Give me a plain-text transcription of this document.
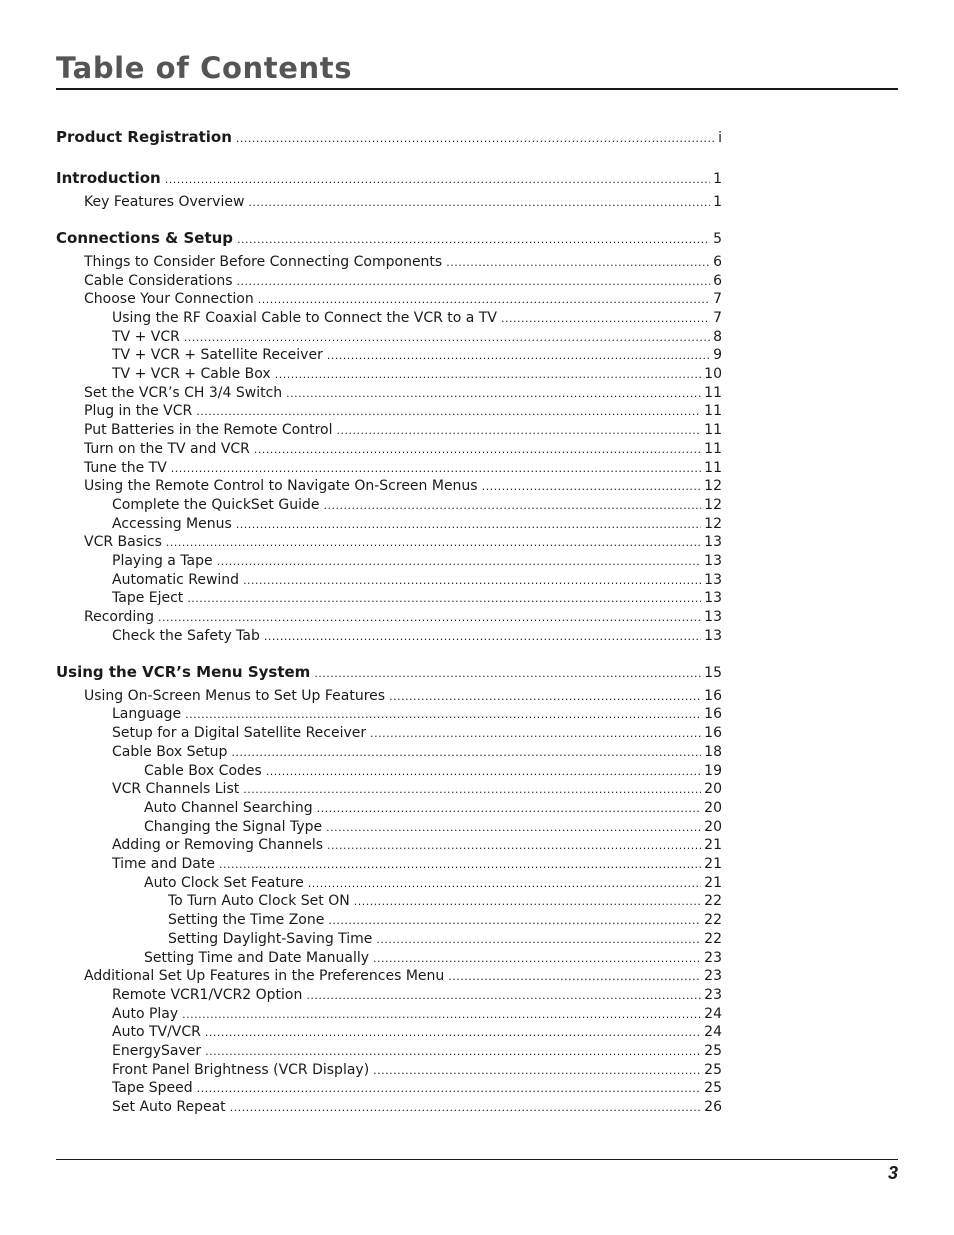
Table of Contents
Product Registration .....	i
Introduction .....	1
Key Features Overview .....	1
Connections & Setup .....	5
Things to Consider Before Connecting Components .....	6
Cable Considerations .....	6
Choose Your Connection .....	7
Using the RF Coaxial Cable to Connect the VCR to a TV .....	7
TV + VCR .....	8
TV + VCR + Satellite Receiver .....	9
TV + VCR + Cable Box .....	10
Set the VCR’s CH 3/4 Switch .....	11
Plug in the VCR .....	11
Put Batteries in the Remote Control .....	11
Turn on the TV and VCR .....	11
Tune the TV .....	11
Using the Remote Control to Navigate On-Screen Menus .....	12
Complete the QuickSet Guide .....	12
Accessing Menus .....	12
VCR Basics .....	13
Playing a Tape .....	13
Automatic Rewind .....	13
Tape Eject .....	13
Recording .....	13
Check the Safety Tab .....	13
Using the VCR’s Menu System .....	15
Using On-Screen Menus to Set Up Features .....	16
Language .....	16
Setup for a Digital Satellite Receiver .....	16
Cable Box Setup .....	18
Cable Box Codes .....	19
VCR Channels List .....	20
Auto Channel Searching .....	20
Changing the Signal Type .....	20
Adding or Removing Channels .....	21
Time and Date .....	21
Auto Clock Set Feature .....	21
To Turn Auto Clock Set ON .....	22
Setting the Time Zone .....	22
Setting Daylight-Saving Time .....	22
Setting Time and Date Manually .....	23
Additional Set Up Features in the Preferences Menu .....	23
Remote VCR1/VCR2 Option .....	23
Auto Play .....	24
Auto TV/VCR .....	24
EnergySaver .....	25
Front Panel Brightness (VCR Display) .....	25
Tape Speed .....	25
Set Auto Repeat .....	26
3
